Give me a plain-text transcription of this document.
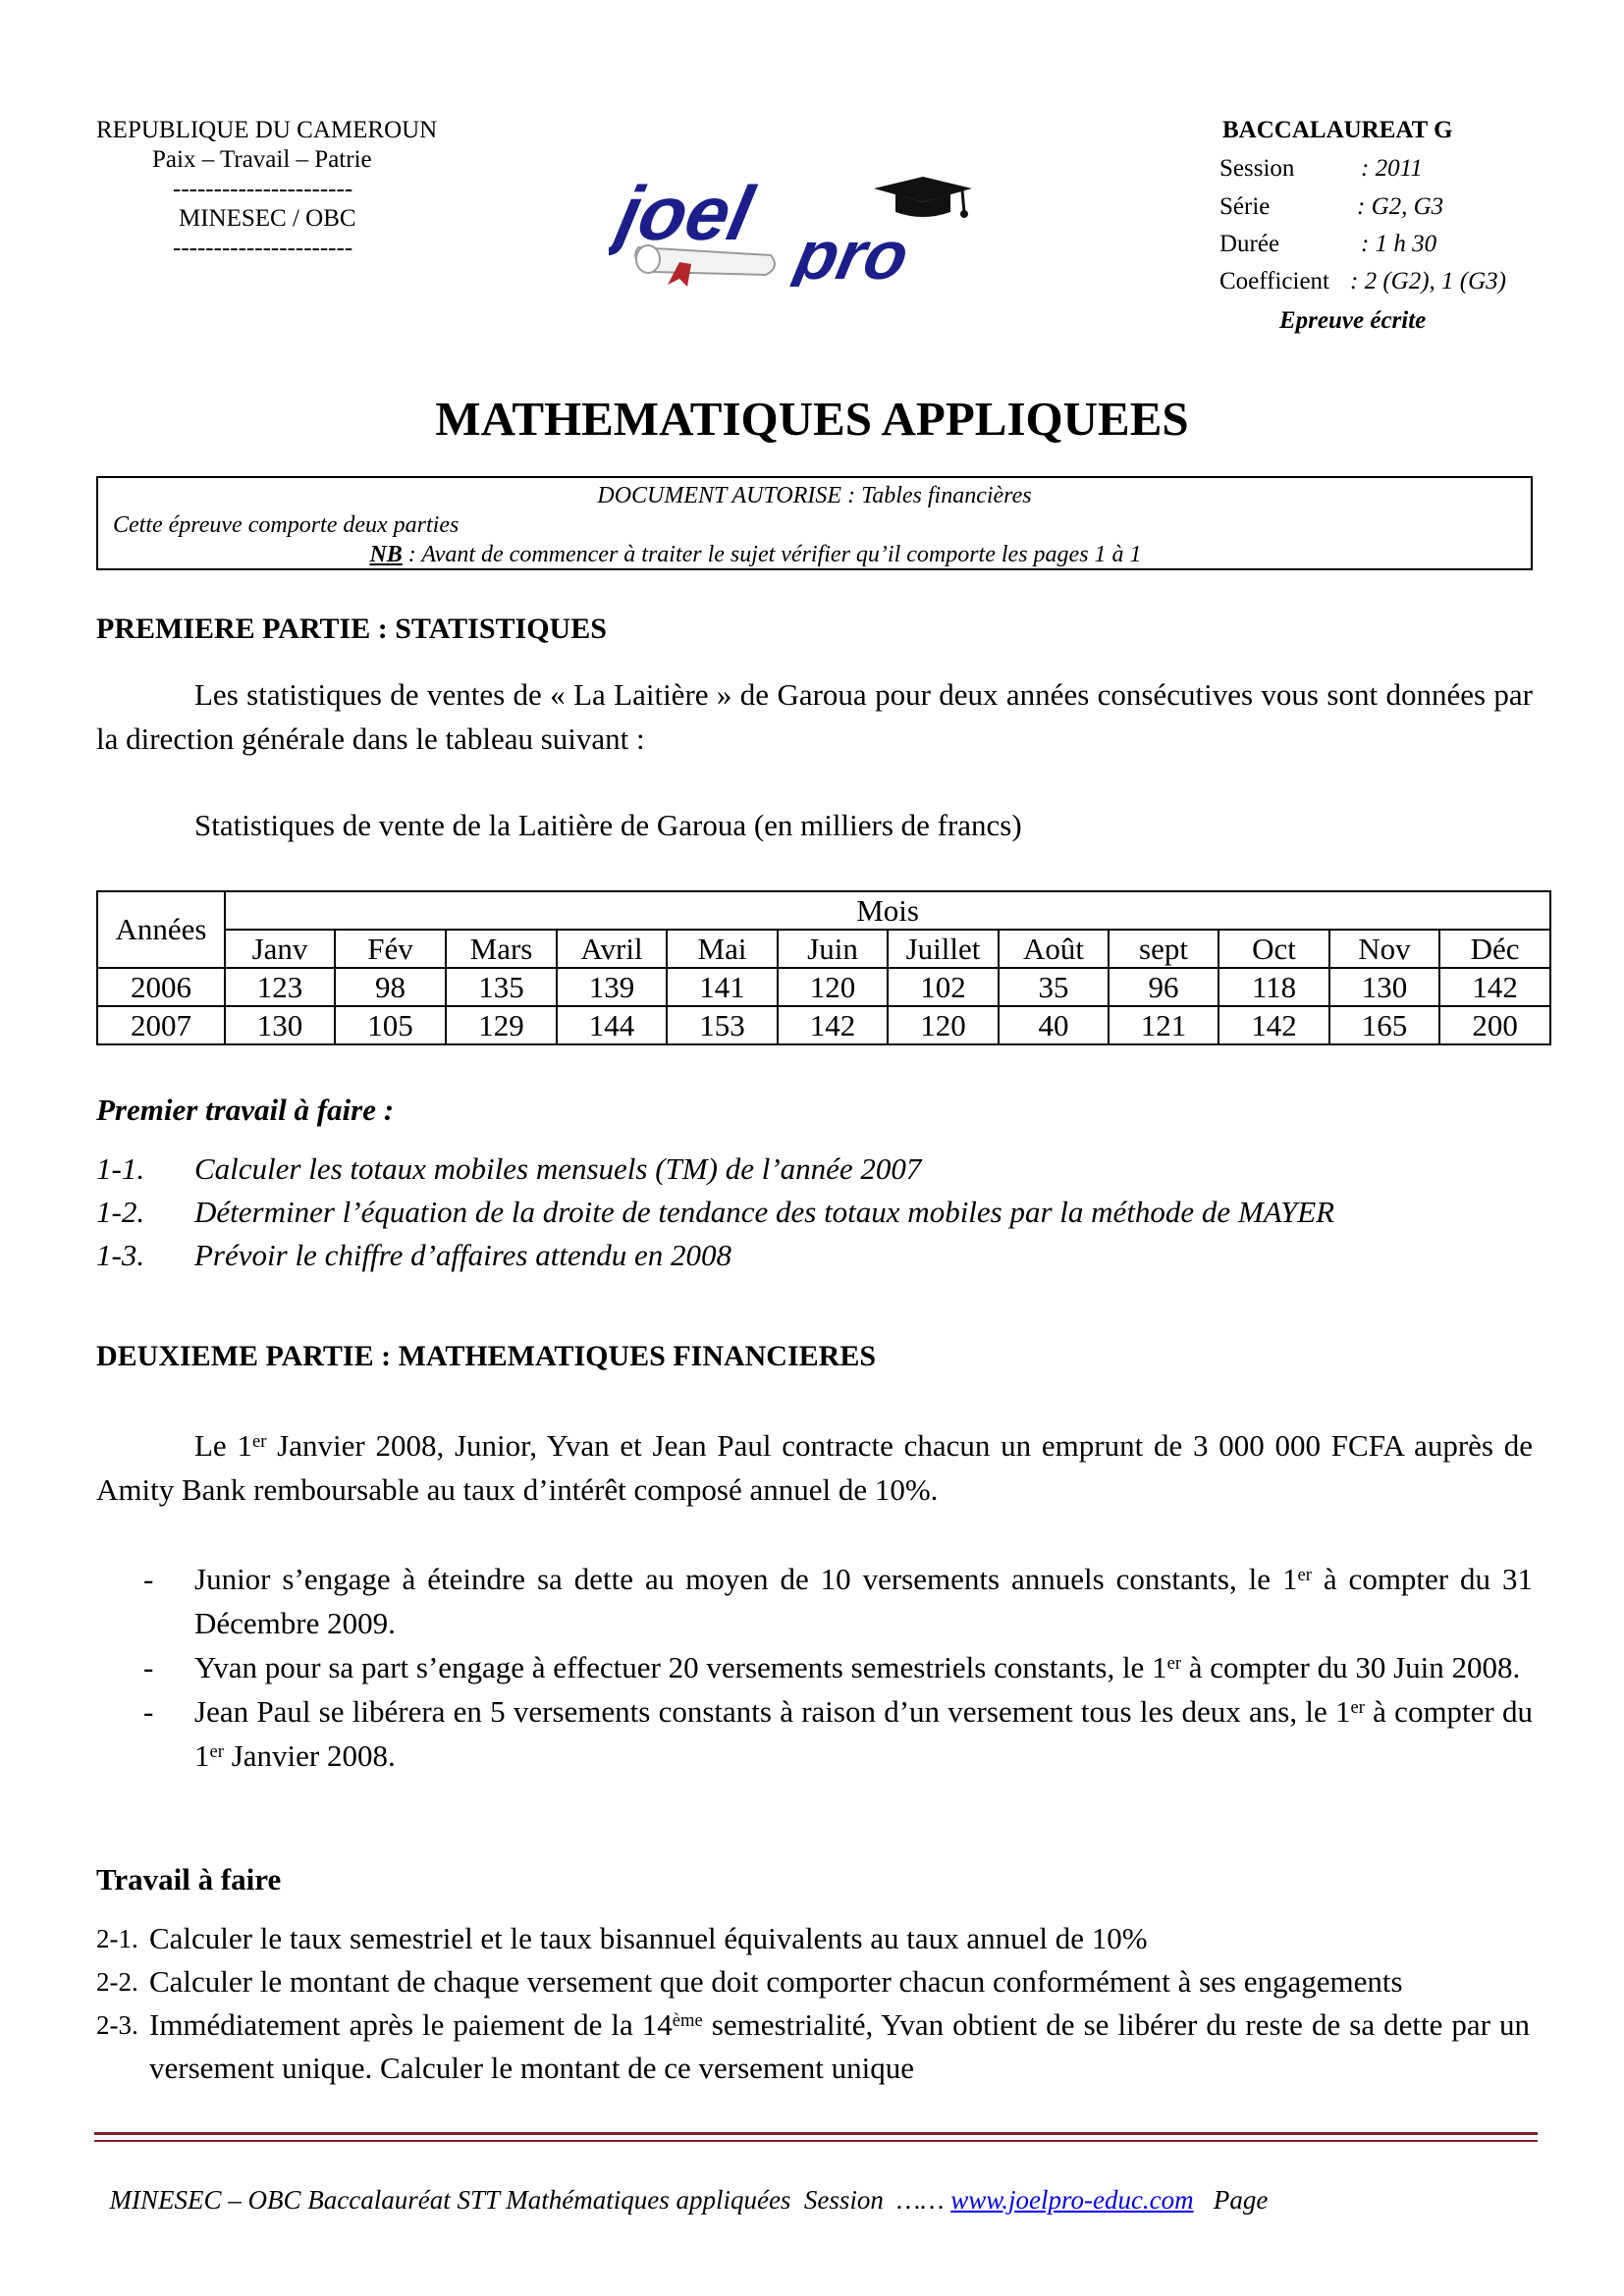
REPUBLIQUE DU CAMEROUN
Paix – Travail – Patrie
----------------------
MINESEC / OBC
----------------------	joel pro
BACCALAUREAT G
Session	: 2011
Série	: G2, G3
Durée	: 1 h 30
Coefficient : 2 (G2), 1 (G3)
Epreuve écrite
MATHEMATIQUES APPLIQUEES
DOCUMENT AUTORISE : Tables financières
Cette épreuve comporte deux parties
NB : Avant de commencer à traiter le sujet vérifier qu’il comporte les pages 1 à 1
PREMIERE PARTIE : STATISTIQUES
Les statistiques de ventes de « La Laitière » de Garoua pour deux années consécutives vous sont données par la direction générale dans le tableau suivant :
Statistiques de vente de la Laitière de Garoua (en milliers de francs)
Années	Mois											
	Janv	Fév	Mars	Avril	Mai	Juin	Juillet	Août	sept	Oct	Nov	Déc
2006	123	98	135	139	141	120	102	35	96	118	130	142
2007	130	105	129	144	153	142	120	40	121	142	165	200
Premier travail à faire :
1-1.	Calculer les totaux mobiles mensuels (TM) de l’année 2007
1-2.	Déterminer l’équation de la droite de tendance des totaux mobiles par la méthode de MAYER
1-3.	Prévoir le chiffre d’affaires attendu en 2008
DEUXIEME PARTIE : MATHEMATIQUES FINANCIERES
Le 1er Janvier 2008, Junior, Yvan et Jean Paul contracte chacun un emprunt de 3 000 000 FCFA auprès de Amity Bank remboursable au taux d’intérêt composé annuel de 10%.
-	Junior s’engage à éteindre sa dette au moyen de 10 versements annuels constants, le 1er à compter du 31 Décembre 2009.
-	Yvan pour sa part s’engage à effectuer 20 versements semestriels constants, le 1er à compter du 30 Juin 2008.
-	Jean Paul se libérera en 5 versements constants à raison d’un versement tous les deux ans, le 1er à compter du 1er Janvier 2008.
Travail à faire
2-1. Calculer le taux semestriel et le taux bisannuel équivalents au taux annuel de 10%
2-2. Calculer le montant de chaque versement que doit comporter chacun conformément à ses engagements
2-3. Immédiatement après le paiement de la 14ème semestrialité, Yvan obtient de se libérer du reste de sa dette par un versement unique. Calculer le montant de ce versement unique

MINESEC – OBC Baccalauréat STT Mathématiques appliquées  Session  …… www.joelpro-educ.com Page
